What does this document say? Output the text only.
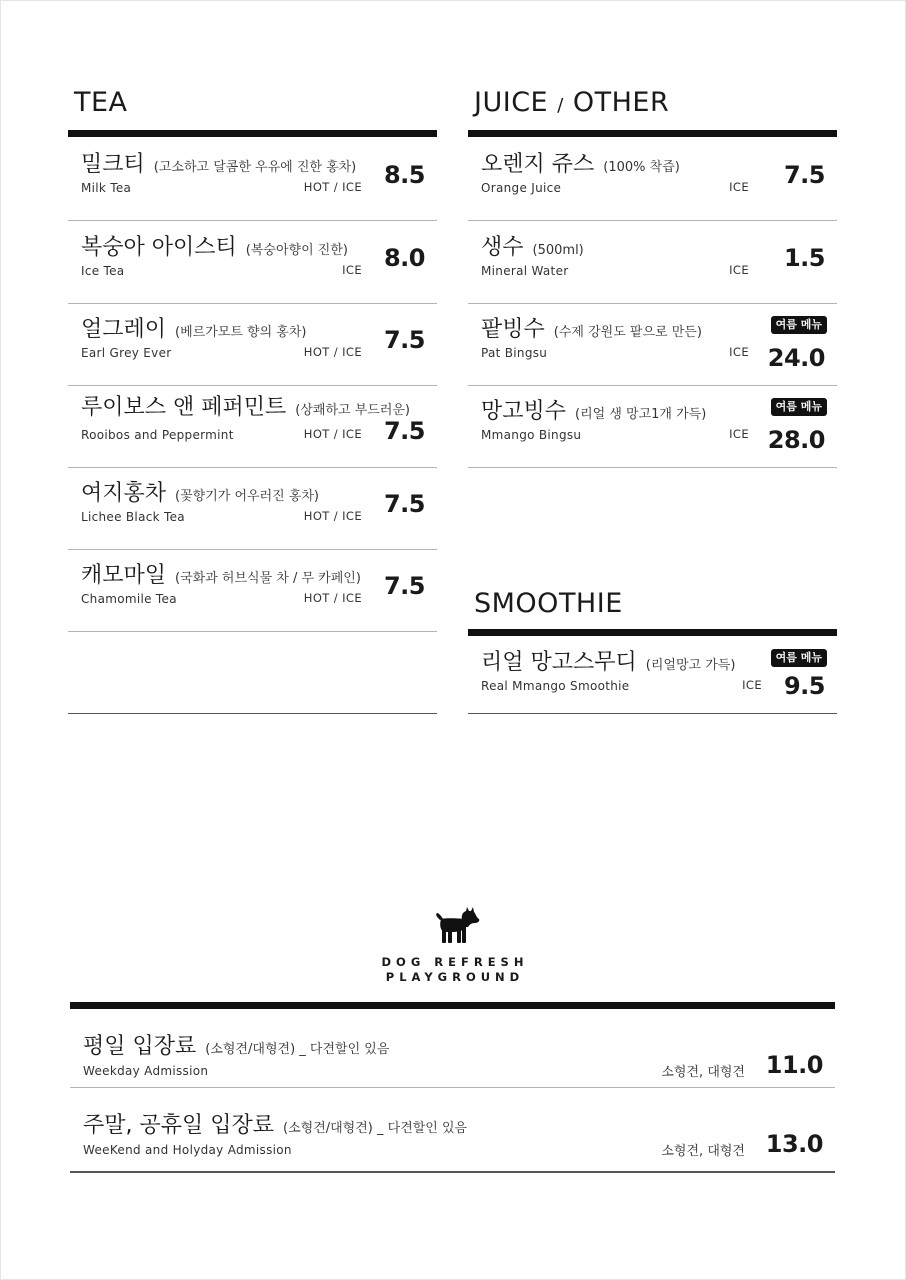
TEA
밀크티 (고소하고 달콤한 우유에 진한 홍차)
Milk Tea	HOT / ICE 8.5
복숭아 아이스티 (복숭아향이 진한)
Ice Tea	ICE 8.0
얼그레이 (베르가모트 향의 홍차)
Earl Grey Ever	HOT / ICE 7.5
루이보스 앤 페퍼민트 (상쾌하고 부드러운)
Rooibos and Peppermint	HOT / ICE 7.5
여지홍차 (꽃향기가 어우러진 홍차)
Lichee Black Tea	HOT / ICE 7.5
캐모마일 (국화과 허브식물 차 / 무 카페인)
Chamomile Tea	HOT / ICE 7.5
JUICE / OTHER
오렌지 쥬스 (100% 착즙)
Orange Juice	ICE 7.5
생수 (500ml)
Mineral Water	ICE 1.5
여름 메뉴
팥빙수 (수제 강원도 팥으로 만든)
Pat Bingsu	ICE 24.0
여름 메뉴
망고빙수 (리얼 생 망고1개 가득)
Mmango Bingsu	ICE 28.0
SMOOTHIE
여름 메뉴
리얼 망고스무디 (리얼망고 가득)
Real Mmango Smoothie	ICE 9.5
DOG REFRESH
PLAYGROUND
평일 입장료 (소형견/대형견) _ 다견할인 있음
Weekday Admission	소형견, 대형견 11.0
주말, 공휴일 입장료 (소형견/대형견) _ 다견할인 있음
WeeKend and Holyday Admission	소형견, 대형견 13.0
